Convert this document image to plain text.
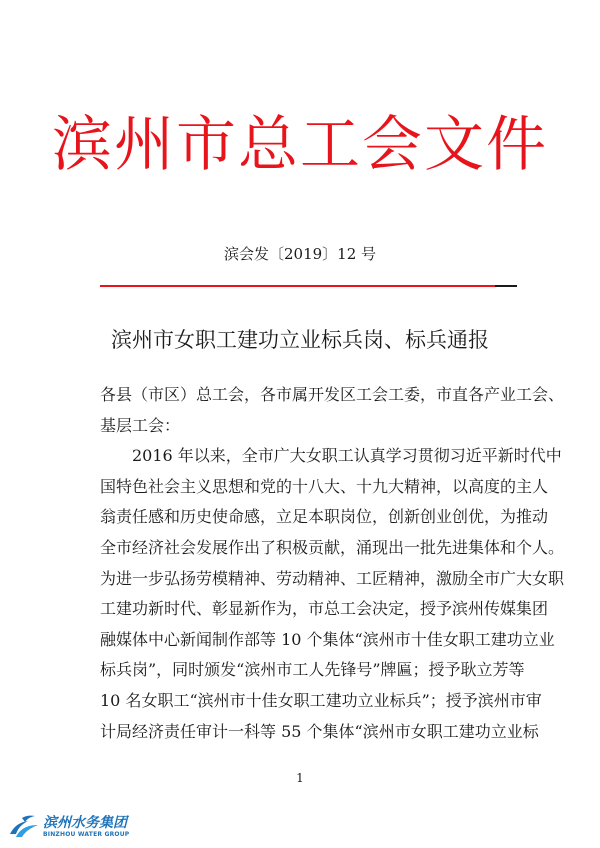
滨州市总工会文件
滨会发〔2019〕12 号
滨州市女职工建功立业标兵岗、标兵通报
各县（市区）总工会，各市属开发区工会工委，市直各产业工会、
基层工会：
　　2016 年以来，全市广大女职工认真学习贯彻习近平新时代中
国特色社会主义思想和党的十八大、十九大精神，以高度的主人
翁责任感和历史使命感，立足本职岗位，创新创业创优，为推动
全市经济社会发展作出了积极贡献，涌现出一批先进集体和个人。
为进一步弘扬劳模精神、劳动精神、工匠精神，激励全市广大女职
工建功新时代、彰显新作为，市总工会决定，授予滨州传媒集团
融媒体中心新闻制作部等 10 个集体“滨州市十佳女职工建功立业
标兵岗”，同时颁发“滨州市工人先锋号”牌匾；授予耿立芳等
10 名女职工“滨州市十佳女职工建功立业标兵”；授予滨州市审
计局经济责任审计一科等 55 个集体“滨州市女职工建功立业标
1
滨州水务集团
BINZHOU WATER GROUP
